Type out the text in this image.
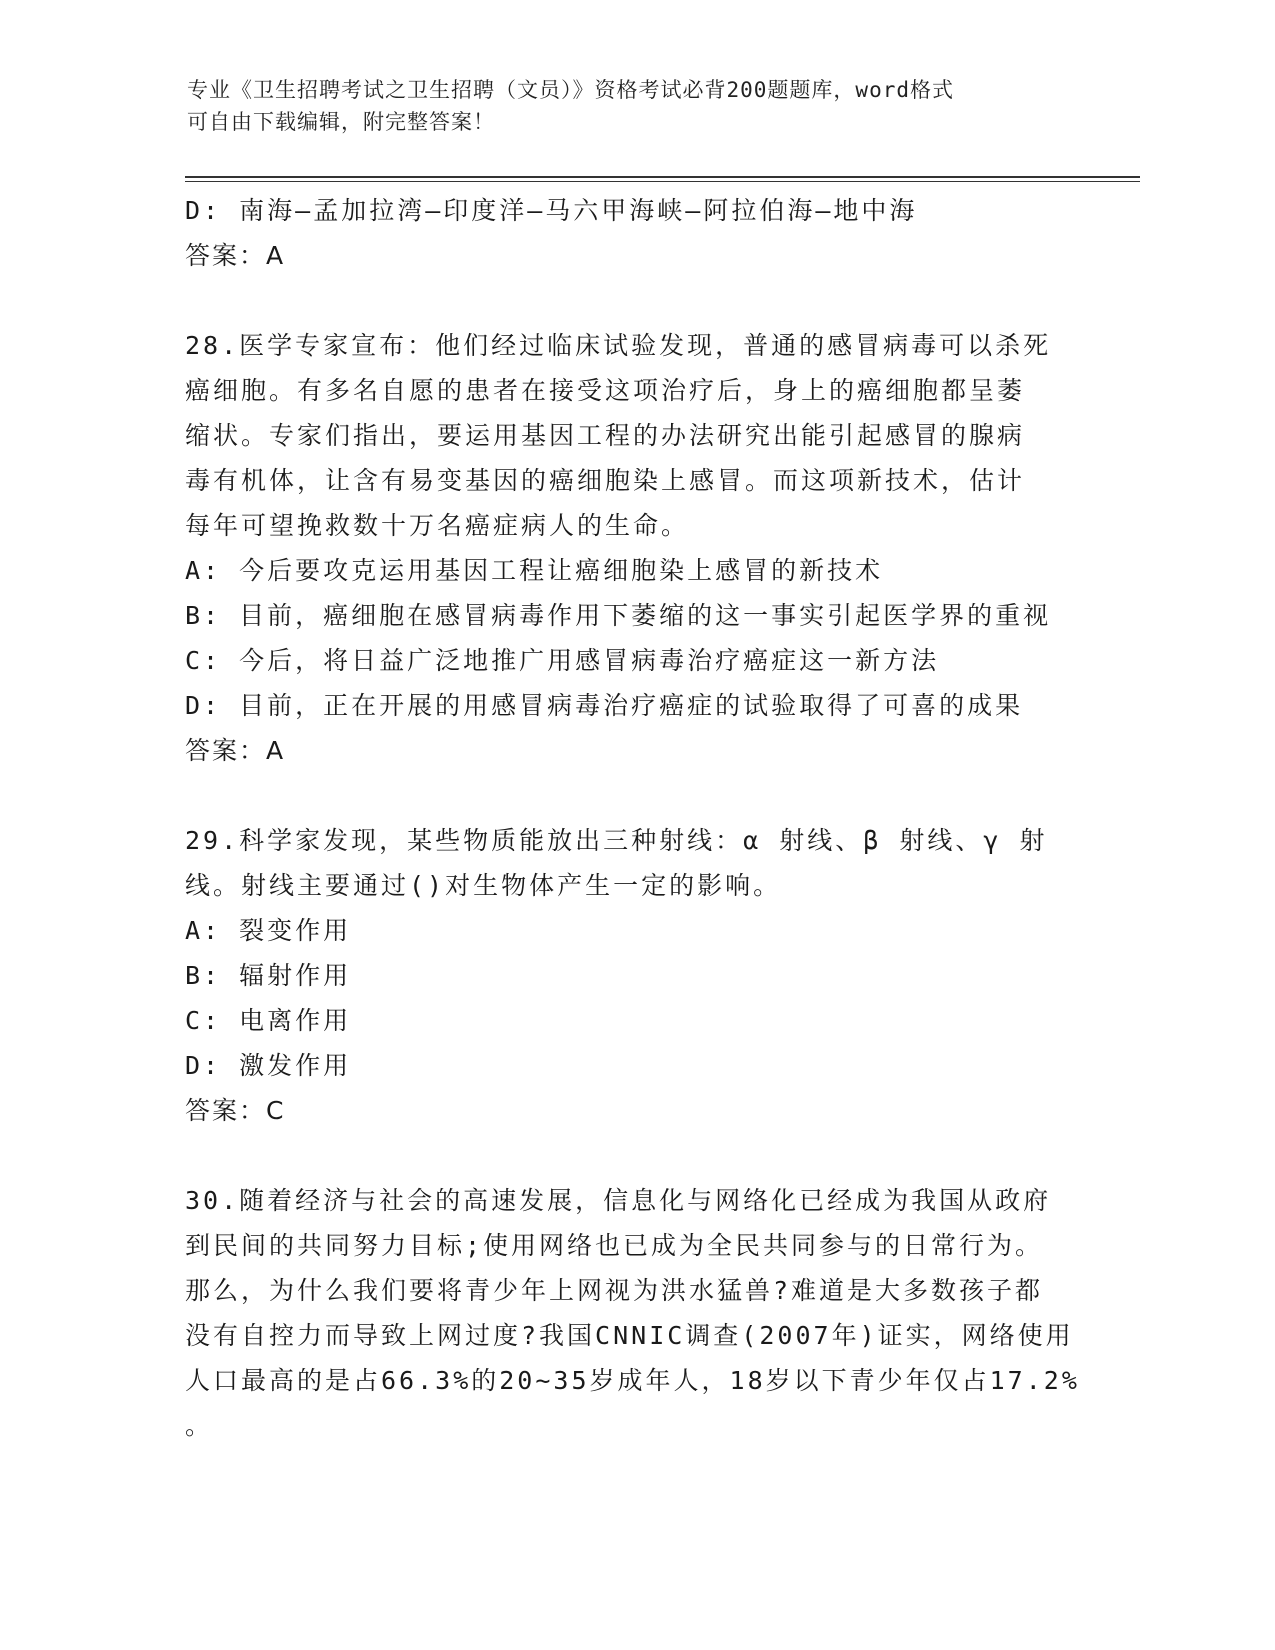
专业《卫生招聘考试之卫生招聘（文员）》资格考试必背200题题库，word格式
可自由下载编辑，附完整答案！
D: 南海—孟加拉湾—印度洋—马六甲海峡—阿拉伯海—地中海
答案：A
28.医学专家宣布：他们经过临床试验发现，普通的感冒病毒可以杀死
癌细胞。有多名自愿的患者在接受这项治疗后，身上的癌细胞都呈萎
缩状。专家们指出，要运用基因工程的办法研究出能引起感冒的腺病
毒有机体，让含有易变基因的癌细胞染上感冒。而这项新技术，估计
每年可望挽救数十万名癌症病人的生命。
A: 今后要攻克运用基因工程让癌细胞染上感冒的新技术
B: 目前，癌细胞在感冒病毒作用下萎缩的这一事实引起医学界的重视
C: 今后，将日益广泛地推广用感冒病毒治疗癌症这一新方法
D: 目前，正在开展的用感冒病毒治疗癌症的试验取得了可喜的成果
答案：A
29.科学家发现，某些物质能放出三种射线：α 射线、β 射线、γ 射
线。射线主要通过()对生物体产生一定的影响。
A: 裂变作用
B: 辐射作用
C: 电离作用
D: 激发作用
答案：C
30.随着经济与社会的高速发展，信息化与网络化已经成为我国从政府
到民间的共同努力目标;使用网络也已成为全民共同参与的日常行为。
那么，为什么我们要将青少年上网视为洪水猛兽?难道是大多数孩子都
没有自控力而导致上网过度?我国CNNIC调查(2007年)证实，网络使用
人口最高的是占66.3%的20~35岁成年人，18岁以下青少年仅占17.2%
。
